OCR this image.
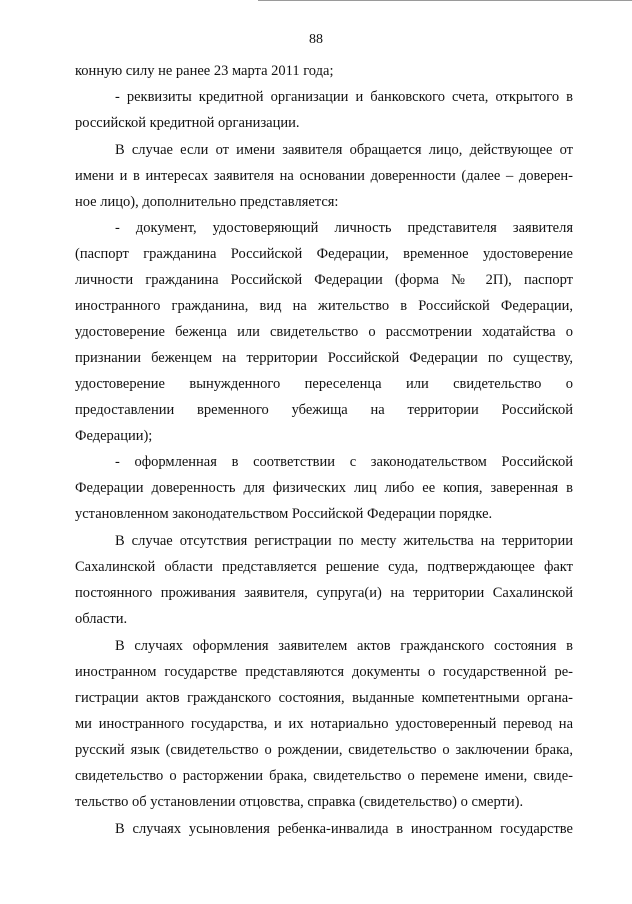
88
конную силу не ранее 23 марта 2011 года;
- реквизиты кредитной организации и банковского счета, открытого в
российской кредитной организации.
В случае если от имени заявителя обращается лицо, действующее от
имени и в интересах заявителя на основании доверенности (далее – доверен-
ное лицо), дополнительно представляется:
- документ, удостоверяющий личность представителя заявителя
(паспорт гражданина Российской Федерации, временное удостоверение
личности гражданина Российской Федерации (форма № 2П), паспорт
иностранного гражданина, вид на жительство в Российской Федерации,
удостоверение беженца или свидетельство о рассмотрении ходатайства о
признании беженцем на территории Российской Федерации по существу,
удостоверение вынужденного переселенца или свидетельство о
предоставлении временного убежища на территории Российской
Федерации);
- оформленная в соответствии с законодательством Российской
Федерации доверенность для физических лиц либо ее копия, заверенная в
установленном законодательством Российской Федерации порядке.
В случае отсутствия регистрации по месту жительства на территории
Сахалинской области представляется решение суда, подтверждающее факт
постоянного проживания заявителя, супруга(и) на территории Сахалинской
области.
В случаях оформления заявителем актов гражданского состояния в
иностранном государстве представляются документы о государственной ре-
гистрации актов гражданского состояния, выданные компетентными органа-
ми иностранного государства, и их нотариально удостоверенный перевод на
русский язык (свидетельство о рождении, свидетельство о заключении брака,
свидетельство о расторжении брака, свидетельство о перемене имени, свиде-
тельство об установлении отцовства, справка (свидетельство) о смерти).
В случаях усыновления ребенка-инвалида в иностранном государстве
